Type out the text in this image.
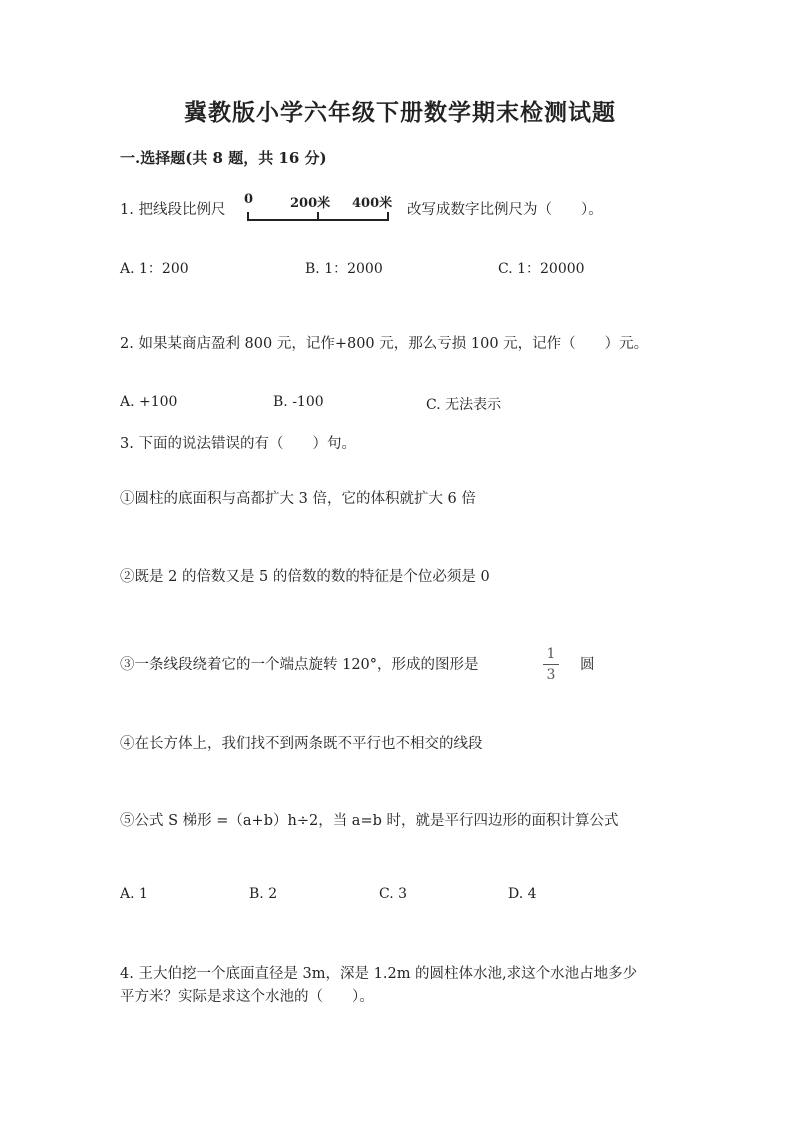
冀教版小学六年级下册数学期末检测试题
一.选择题(共 8 题，共 16 分)
1. 把线段比例尺
0	200米 400米 改写成数字比例尺为（　　）。
A. 1：200	B. 1：2000	C. 1：20000
2. 如果某商店盈利 800 元，记作+800 元，那么亏损 100 元，记作（　　）元。
A. +100	B. -100	C. 无法表示
3. 下面的说法错误的有（　　）句。
①圆柱的底面积与高都扩大 3 倍，它的体积就扩大 6 倍
②既是 2 的倍数又是 5 的倍数的数的特征是个位必须是 0
③一条线段绕着它的一个端点旋转 120°，形成的图形是
1
3
圆
④在长方体上，我们找不到两条既不平行也不相交的线段
⑤公式 S 梯形 =（a+b）h÷2，当 a=b 时，就是平行四边形的面积计算公式
A. 1	B. 2	C. 3	D. 4
4. 王大伯挖一个底面直径是 3m，深是 1.2m 的圆柱体水池,求这个水池占地多少
平方米？实际是求这个水池的（　　）。
